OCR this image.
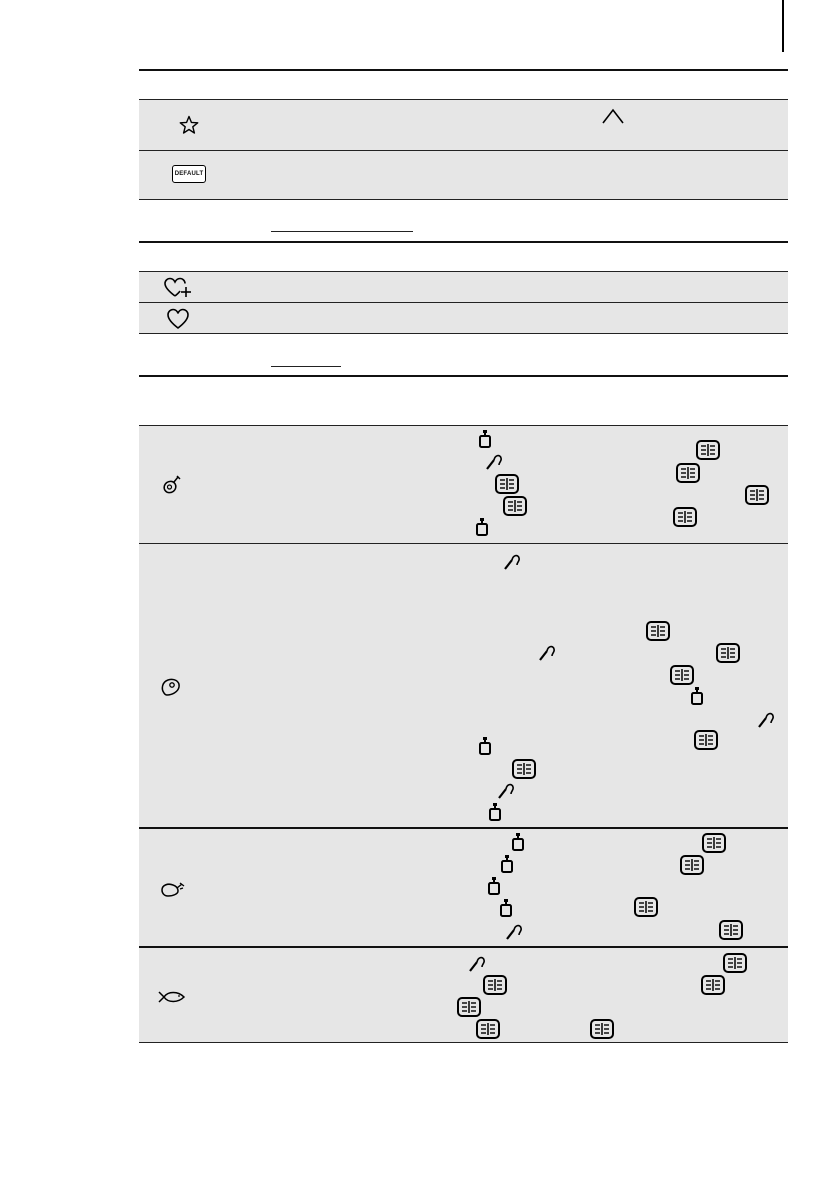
DEFAULT
